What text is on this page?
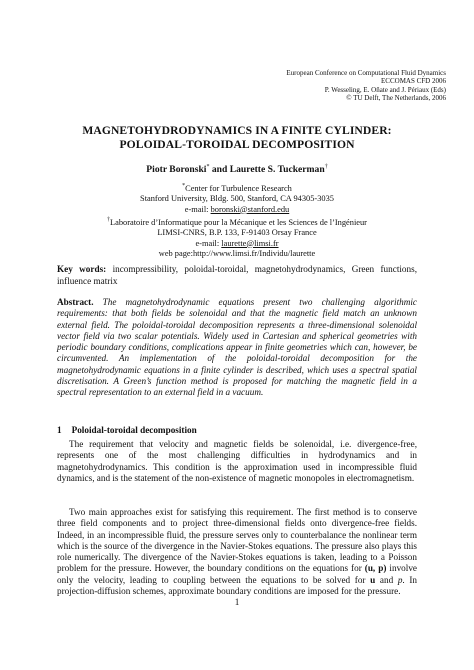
European Conference on Computational Fluid Dynamics
ECCOMAS CFD 2006
P. Wesseling, E. Oñate and J. Périaux (Eds)
© TU Delft, The Netherlands, 2006
MAGNETOHYDRODYNAMICS IN A FINITE CYLINDER:
POLOIDAL-TOROIDAL DECOMPOSITION
Piotr Boronski* and Laurette S. Tuckerman†
*Center for Turbulence Research
Stanford University, Bldg. 500, Stanford, CA 94305-3035
e-mail: boronski@stanford.edu
†Laboratoire d’Informatique pour la Mécanique et les Sciences de l’Ingénieur
LIMSI-CNRS, B.P. 133, F-91403 Orsay France
e-mail: laurette@limsi.fr
web page:http://www.limsi.fr/Individu/laurette
Key words: incompressibility, poloidal-toroidal, magnetohydrodynamics, Green functions, influence matrix
Abstract. The magnetohydrodynamic equations present two challenging algorithmic requirements: that both fields be solenoidal and that the magnetic field match an unknown external field. The poloidal-toroidal decomposition represents a three-dimensional solenoidal vector field via two scalar potentials. Widely used in Cartesian and spherical geometries with periodic boundary conditions, complications appear in finite geometries which can, however, be circumvented. An implementation of the poloidal-toroidal decomposition for the magnetohydrodynamic equations in a finite cylinder is described, which uses a spectral spatial discretisation. A Green’s function method is proposed for matching the magnetic field in a spectral representation to an external field in a vacuum.
1 Poloidal-toroidal decomposition

The requirement that velocity and magnetic fields be solenoidal, i.e. divergence-free, represents one of the most challenging difficulties in hydrodynamics and in magnetohydrodynamics. This condition is the approximation used in incompressible fluid dynamics, and is the statement of the non-existence of magnetic monopoles in electromagnetism.

Two main approaches exist for satisfying this requirement. The first method is to conserve three field components and to project three-dimensional fields onto divergence-free fields. Indeed, in an incompressible fluid, the pressure serves only to counterbalance the nonlinear term which is the source of the divergence in the Navier-Stokes equations. The pressure also plays this role numerically. The divergence of the Navier-Stokes equations is taken, leading to a Poisson problem for the pressure. However, the boundary conditions on the equations for (u, p) involve only the velocity, leading to coupling between the equations to be solved for u and p. In projection-diffusion schemes, approximate boundary conditions are imposed for the pressure.

1
